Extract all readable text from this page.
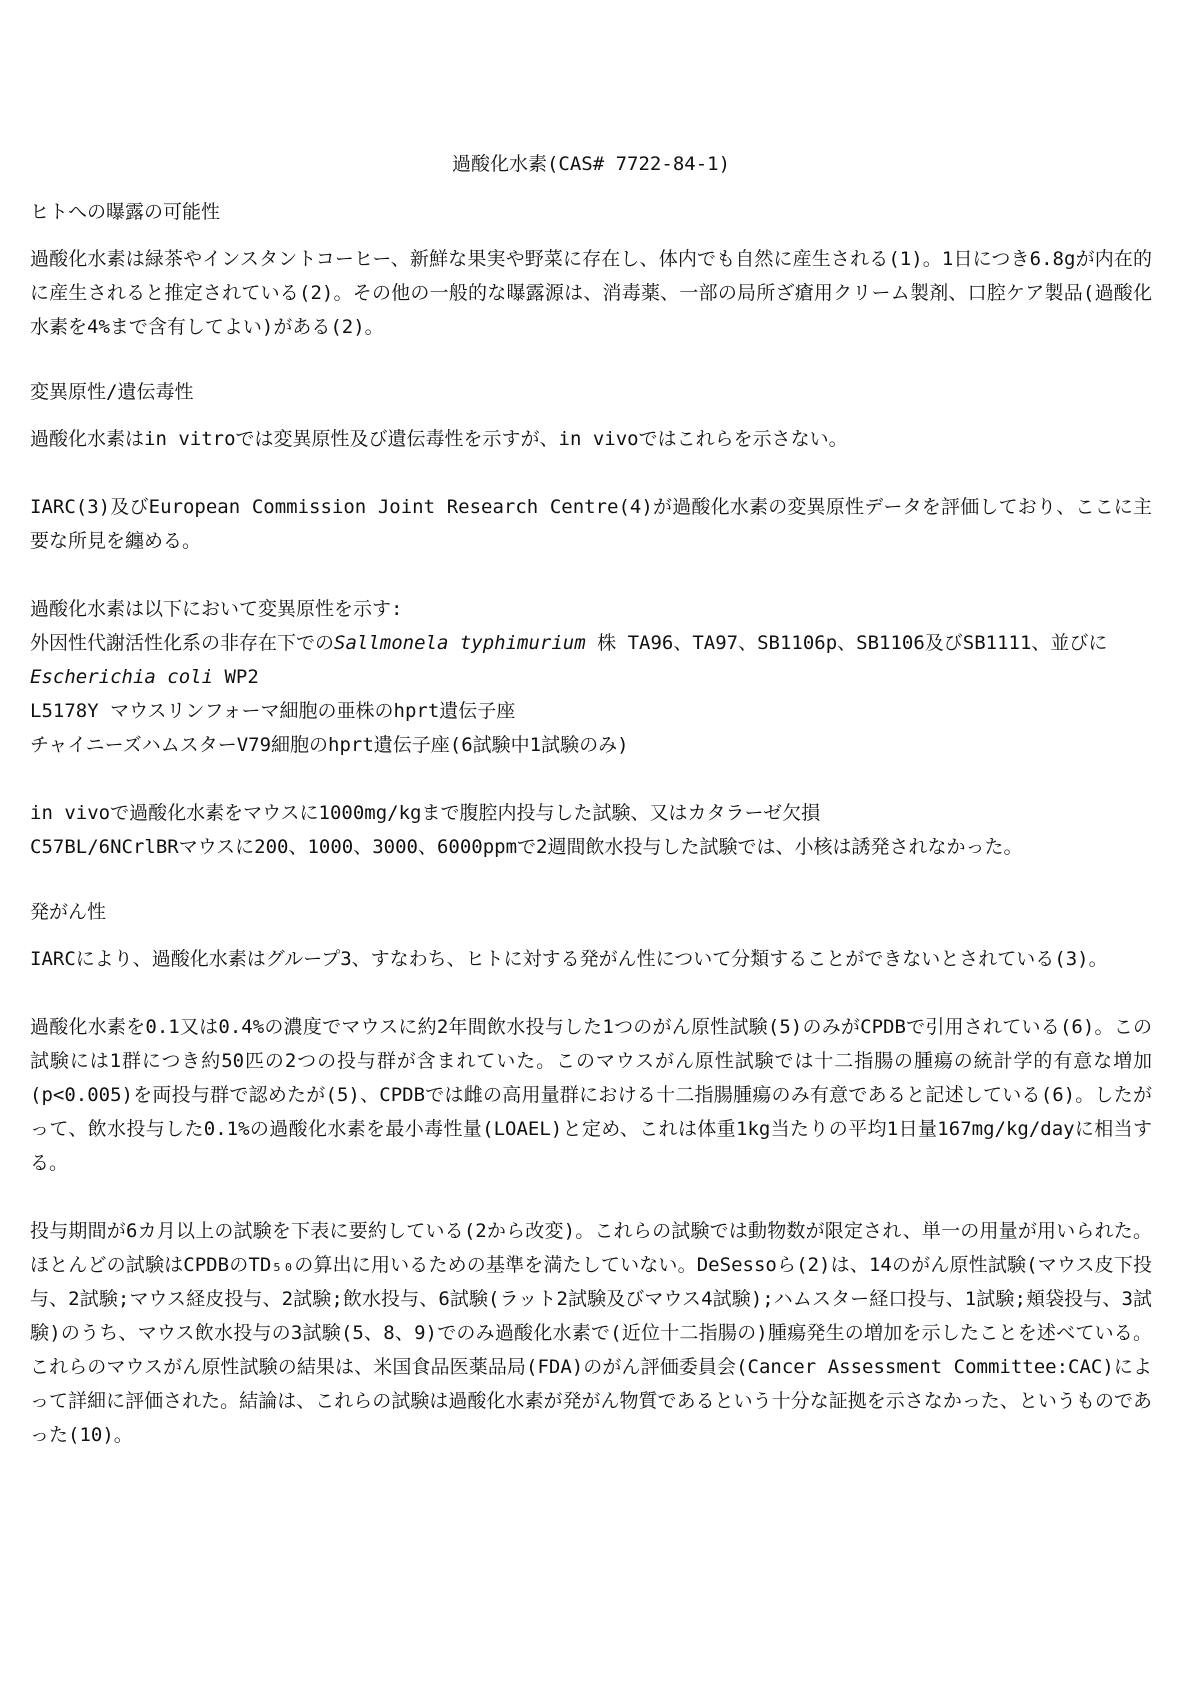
過酸化水素(CAS# 7722-84-1)
ヒトへの曝露の可能性

過酸化水素は緑茶やインスタントコーヒー、新鮮な果実や野菜に存在し、体内でも自然に産生される(1)。1日につき6.8gが内在的に産生されると推定されている(2)。その他の一般的な曝露源は、消毒薬、一部の局所ざ瘡用クリーム製剤、口腔ケア製品(過酸化水素を4%まで含有してよい)がある(2)。

変異原性/遺伝毒性

過酸化水素はin vitroでは変異原性及び遺伝毒性を示すが、in vivoではこれらを示さない。

IARC(3)及びEuropean Commission Joint Research Centre(4)が過酸化水素の変異原性データを評価しており、ここに主要な所見を纏める。

過酸化水素は以下において変異原性を示す:
外因性代謝活性化系の非存在下でのSallmonela typhimurium 株 TA96、TA97、SB1106p、SB1106及びSB1111、並びに
Escherichia coli WP2
L5178Y マウスリンフォーマ細胞の亜株のhprt遺伝子座
チャイニーズハムスターV79細胞のhprt遺伝子座(6試験中1試験のみ)
in vivoで過酸化水素をマウスに1000mg/kgまで腹腔内投与した試験、又はカタラーゼ欠損
C57BL/6NCrlBRマウスに200、1000、3000、6000ppmで2週間飲水投与した試験では、小核は誘発されなかった。
発がん性

IARCにより、過酸化水素はグループ3、すなわち、ヒトに対する発がん性について分類することができないとされている(3)。

過酸化水素を0.1又は0.4%の濃度でマウスに約2年間飲水投与した1つのがん原性試験(5)のみがCPDBで引用されている(6)。この試験には1群につき約50匹の2つの投与群が含まれていた。このマウスがん原性試験では十二指腸の腫瘍の統計学的有意な増加(p<0.005)を両投与群で認めたが(5)、CPDBでは雌の高用量群における十二指腸腫瘍のみ有意であると記述している(6)。したがって、飲水投与した0.1%の過酸化水素を最小毒性量(LOAEL)と定め、これは体重1kg当たりの平均1日量167mg/kg/dayに相当する。

投与期間が6カ月以上の試験を下表に要約している(2から改変)。これらの試験では動物数が限定され、単一の用量が用いられた。ほとんどの試験はCPDBのTD₅₀の算出に用いるための基準を満たしていない。DeSessoら(2)は、14のがん原性試験(マウス皮下投与、2試験;マウス経皮投与、2試験;飲水投与、6試験(ラット2試験及びマウス4試験);ハムスター経口投与、1試験;頬袋投与、3試験)のうち、マウス飲水投与の3試験(5、8、9)でのみ過酸化水素で(近位十二指腸の)腫瘍発生の増加を示したことを述べている。これらのマウスがん原性試験の結果は、米国食品医薬品局(FDA)のがん評価委員会(Cancer Assessment Committee:CAC)によって詳細に評価された。結論は、これらの試験は過酸化水素が発がん物質であるという十分な証拠を示さなかった、というものであった(10)。
